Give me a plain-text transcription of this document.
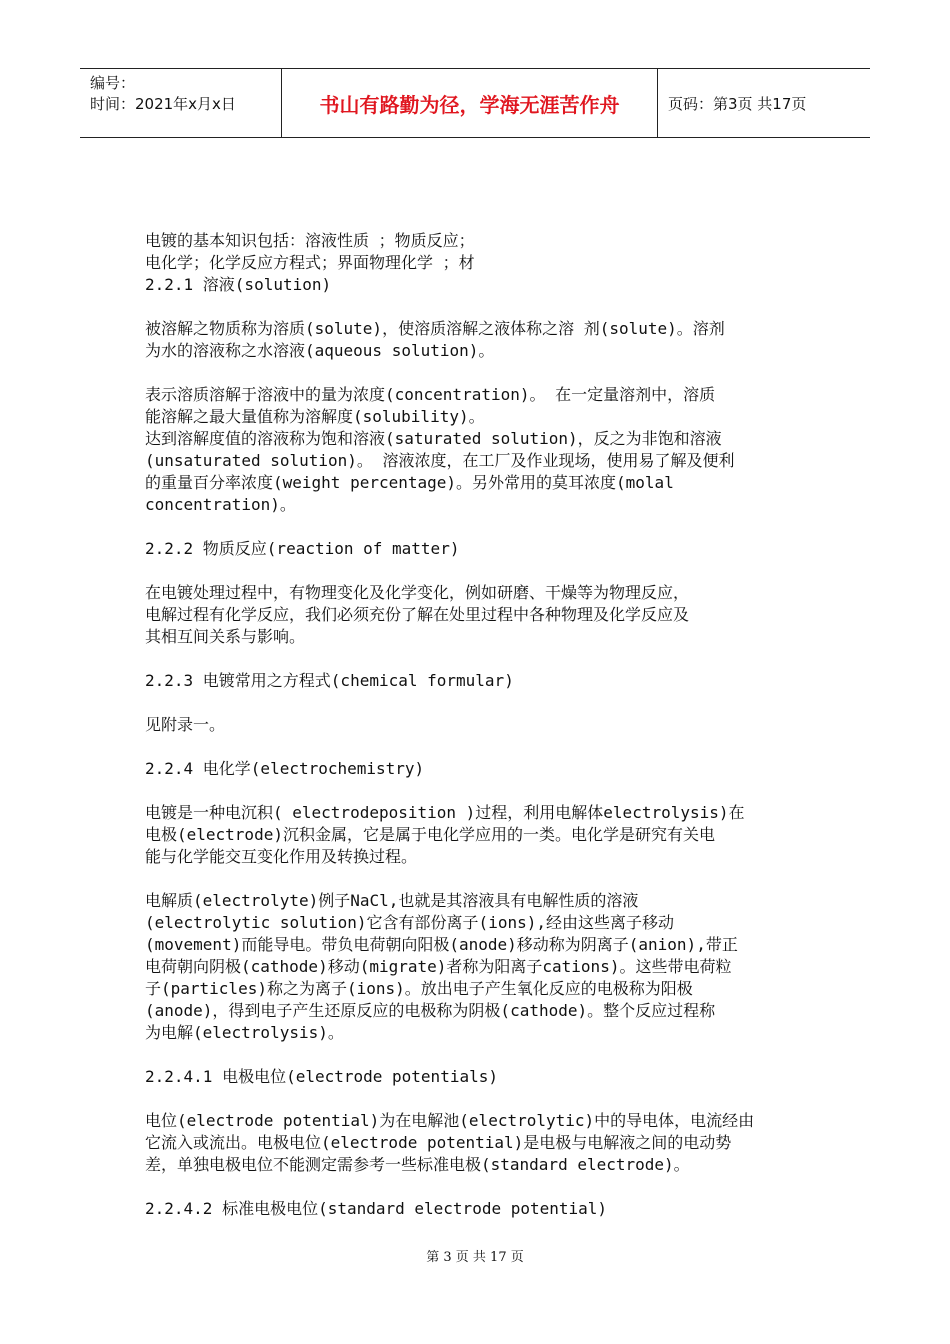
编号：
时间：2021年x月x日	书山有路勤为径，学海无涯苦作舟	页码：第3页 共17页

电镀的基本知识包括：溶液性质 ；物质反应；

电化学；化学反应方程式；界面物理化学 ；材

2.2.1 溶液(solution)

被溶解之物质称为溶质(solute)，使溶质溶解之液体称之溶 剂(solute)。溶剂

为水的溶液称之水溶液(aqueous solution)。

表示溶质溶解于溶液中的量为浓度(concentration)。 在一定量溶剂中，溶质

能溶解之最大量值称为溶解度(solubility)。

达到溶解度值的溶液称为饱和溶液(saturated solution)，反之为非饱和溶液

(unsaturated solution)。 溶液浓度，在工厂及作业现场，使用易了解及便利

的重量百分率浓度(weight percentage)。另外常用的莫耳浓度(molal

concentration)。

2.2.2 物质反应(reaction of matter)

在电镀处理过程中，有物理变化及化学变化，例如研磨、干燥等为物理反应，

电解过程有化学反应，我们必须充份了解在处里过程中各种物理及化学反应及

其相互间关系与影响。

2.2.3 电镀常用之方程式(chemical formular)

见附录一。

2.2.4 电化学(electrochemistry)

电镀是一种电沉积( electrodeposition )过程，利用电解体electrolysis)在

电极(electrode)沉积金属，它是属于电化学应用的一类。电化学是研究有关电

能与化学能交互变化作用及转换过程。

电解质(electrolyte)例子NaCl,也就是其溶液具有电解性质的溶液

(electrolytic solution)它含有部份离子(ions),经由这些离子移动

(movement)而能导电。带负电荷朝向阳极(anode)移动称为阴离子(anion),带正

电荷朝向阴极(cathode)移动(migrate)者称为阳离子cations)。这些带电荷粒

子(particles)称之为离子(ions)。放出电子产生氧化反应的电极称为阳极

(anode)，得到电子产生还原反应的电极称为阴极(cathode)。整个反应过程称

为电解(electrolysis)。

2.2.4.1 电极电位(electrode potentials)

电位(electrode potential)为在电解池(electrolytic)中的导电体，电流经由

它流入或流出。电极电位(electrode potential)是电极与电解液之间的电动势

差，单独电极电位不能测定需参考一些标准电极(standard electrode)。

2.2.4.2 标准电极电位(standard electrode potential)

第 3 页 共 17 页
